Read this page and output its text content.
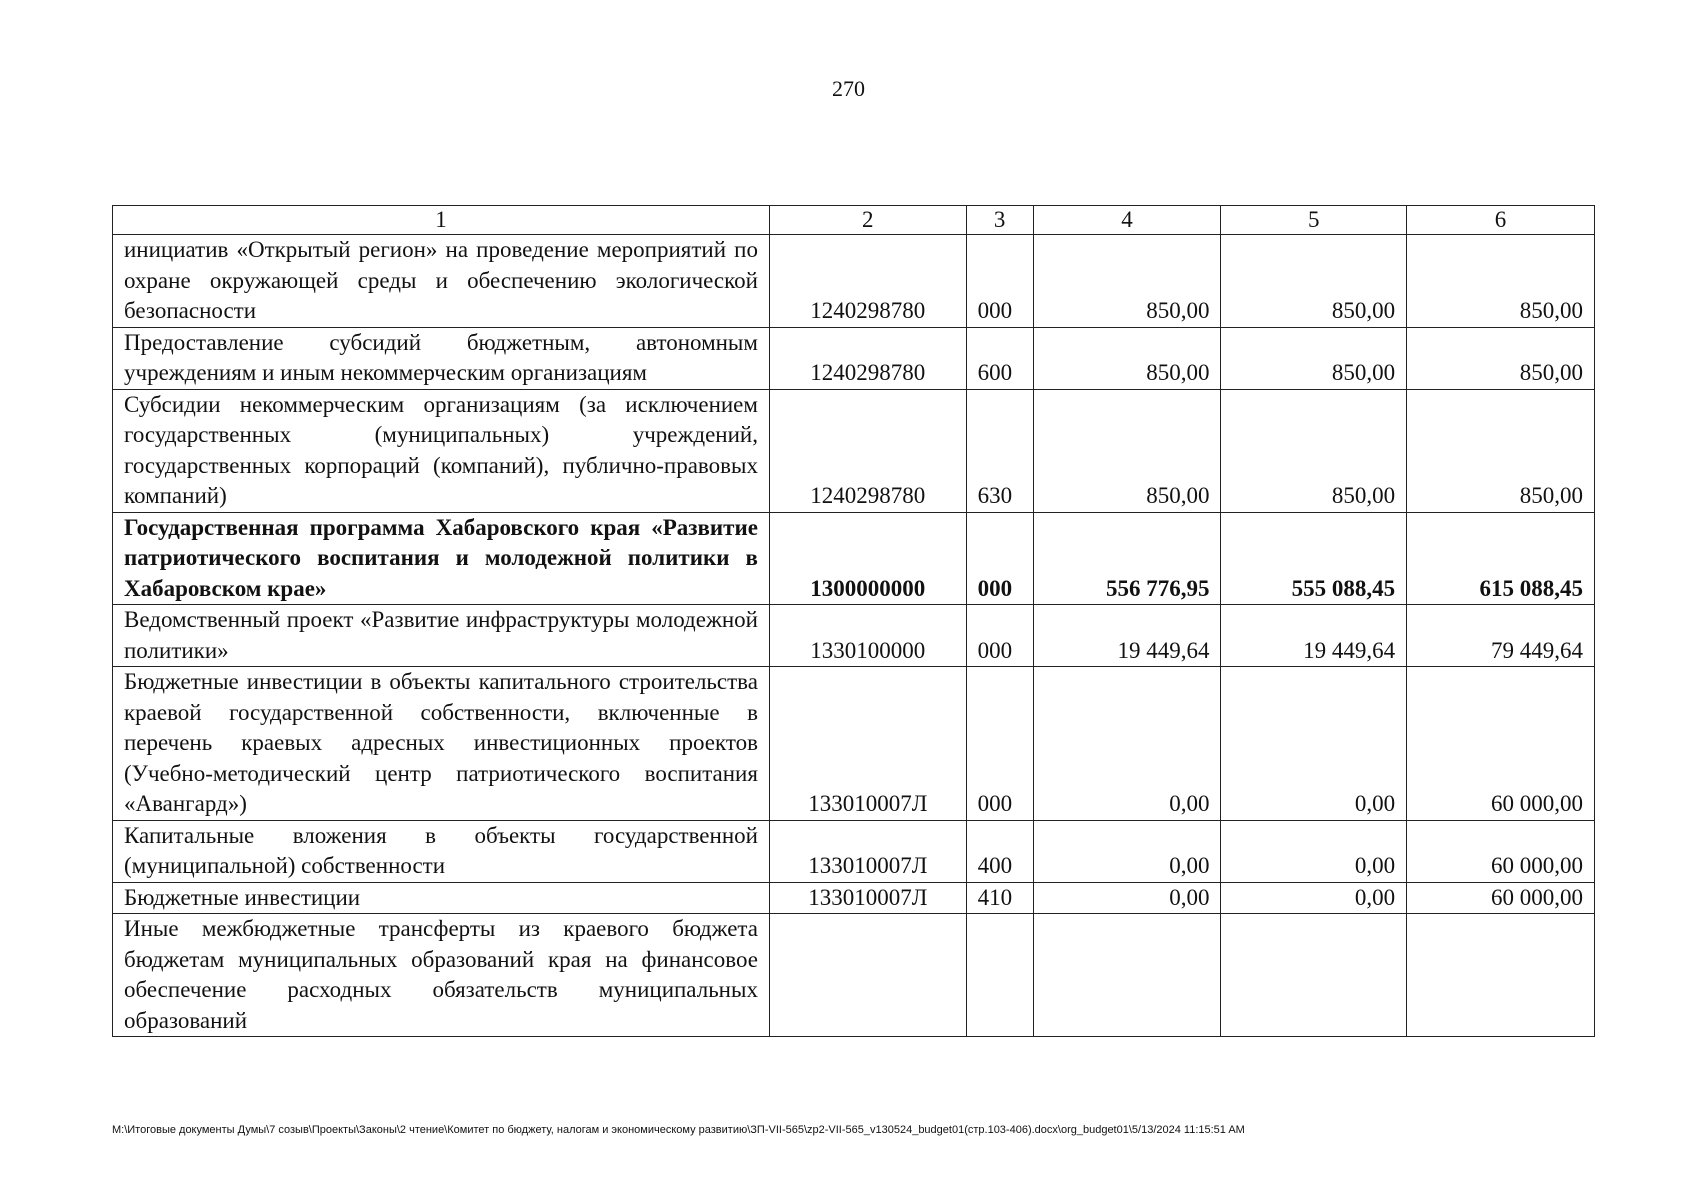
270
1	2	3	4	5	6
инициатив «Открытый регион» на проведение мероприятий по охране окружающей среды и обеспечению экологической безопасности	1240298780	000	850,00	850,00	850,00
Предоставление субсидий бюджетным, автономным учреждениям и иным некоммерческим организациям	1240298780	600	850,00	850,00	850,00
Субсидии некоммерческим организациям (за исключением государственных (муниципальных) учреждений, государственных корпораций (компаний), публично-правовых компаний)	1240298780	630	850,00	850,00	850,00
Государственная программа Хабаровского края «Развитие патриотического воспитания и молодежной политики в Хабаровском крае»	1300000000	000	556 776,95	555 088,45	615 088,45
Ведомственный проект «Развитие инфраструктуры молодежной политики»	1330100000	000	19 449,64	19 449,64	79 449,64
Бюджетные инвестиции в объекты капитального строительства краевой государственной собственности, включенные в перечень краевых адресных инвестиционных проектов (Учебно-методический центр патриотического воспитания «Авангард»)	133010007Л	000	0,00	0,00	60 000,00
Капитальные вложения в объекты государственной (муниципальной) собственности	133010007Л	400	0,00	0,00	60 000,00
Бюджетные инвестиции	133010007Л	410	0,00	0,00	60 000,00
Иные межбюджетные трансферты из краевого бюджета бюджетам муниципальных образований края на финансовое обеспечение расходных обязательств муниципальных образований					
M:\Итоговые документы Думы\7 созыв\Проекты\Законы\2 чтение\Комитет по бюджету, налогам и экономическому развитию\ЗП-VII-565\zp2-VII-565_v130524_budget01(стр.103-406).docx\org_budget01\5/13/2024 11:15:51 AM
